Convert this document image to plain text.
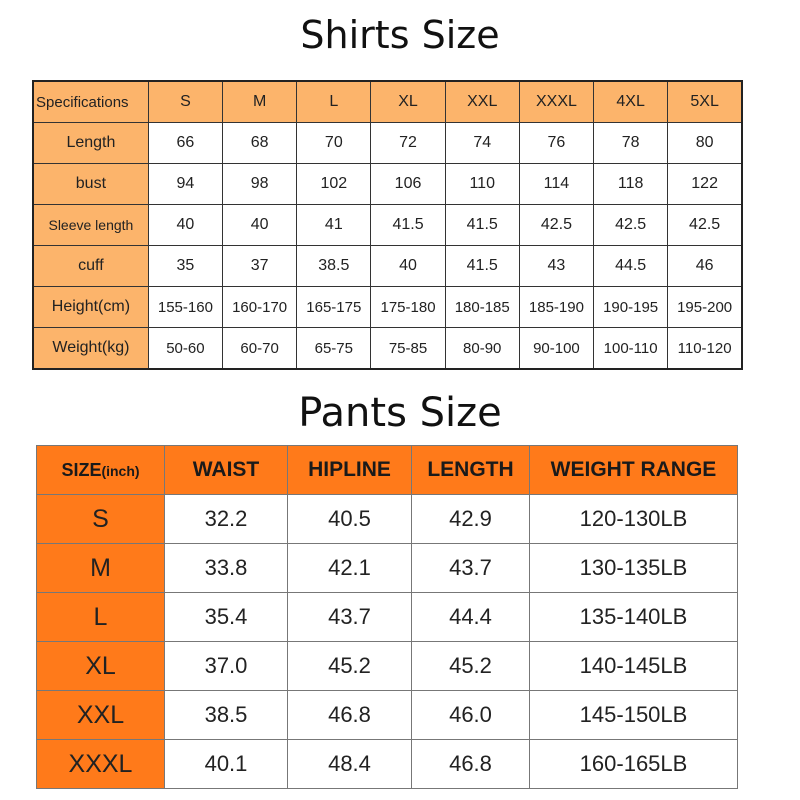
Shirts Size
Specifications	S	M	L	XL	XXL	XXXL	4XL	5XL
Length	66	68	70	72	74	76	78	80
bust	94	98	102	106	110	114	118	122
Sleeve length	40	40	41	41.5	41.5	42.5	42.5	42.5
cuff	35	37	38.5	40	41.5	43	44.5	46
Height(cm)	155-160	160-170	165-175	175-180	180-185	185-190	190-195	195-200
Weight(kg)	50-60	60-70	65-75	75-85	80-90	90-100	100-110	110-120
Pants Size
SIZE(inch)	WAIST	HIPLINE	LENGTH	WEIGHT RANGE
S	32.2	40.5	42.9	120-130LB
M	33.8	42.1	43.7	130-135LB
L	35.4	43.7	44.4	135-140LB
XL	37.0	45.2	45.2	140-145LB
XXL	38.5	46.8	46.0	145-150LB
XXXL	40.1	48.4	46.8	160-165LB
